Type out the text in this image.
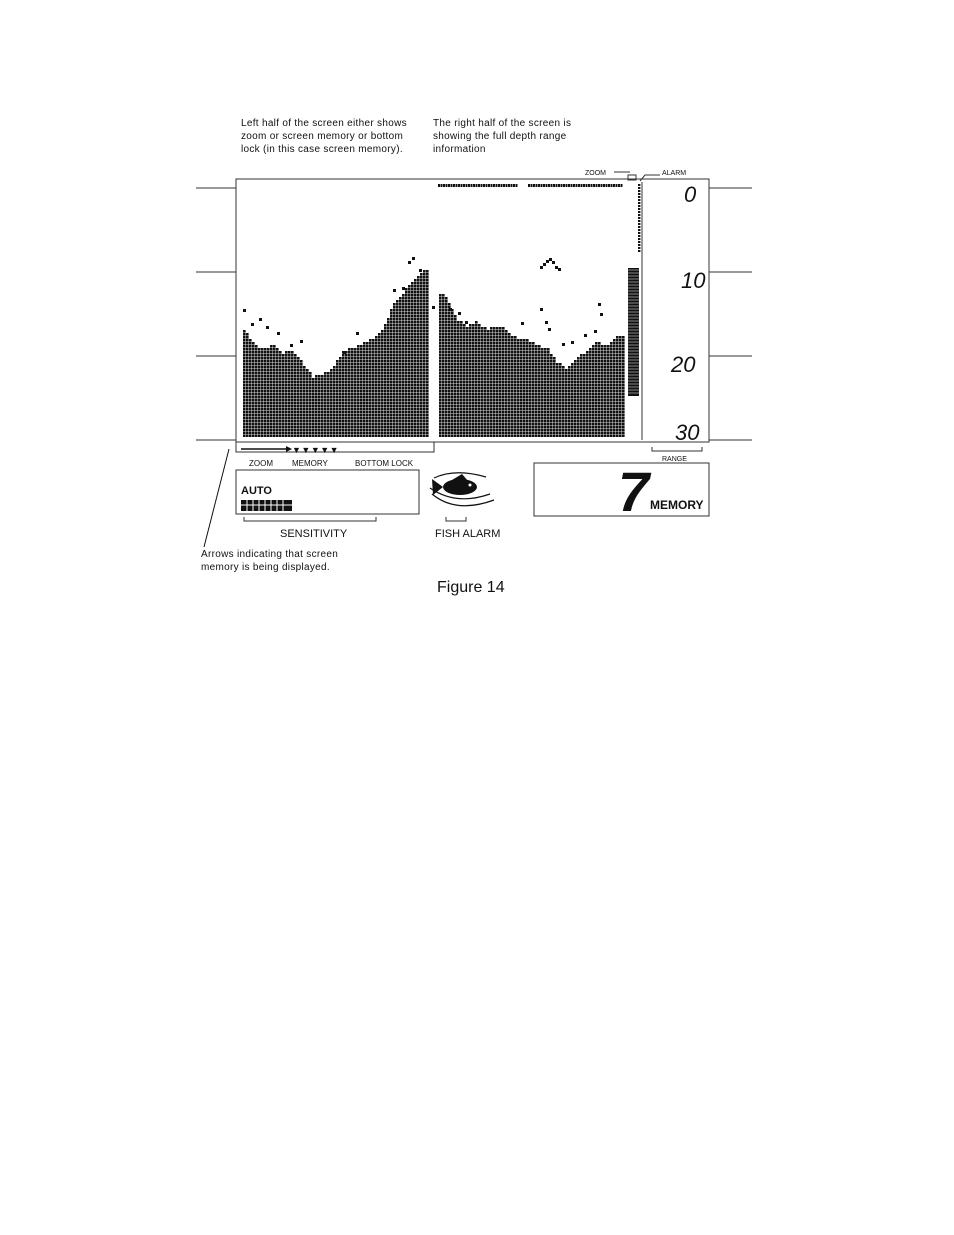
Left half of the screen either shows zoom or screen memory or bottom lock (in this case screen memory).
The right half of the screen is showing the full depth range information
Arrows indicating that screen memory is being displayed.
ZOOM	ALARM
0
10
20
30
RANGE
▼▼▼▼▼
ZOOM MEMORY	BOTTOM LOCK
AUTO
SENSITIVITY	FISH ALARM
7 MEMORY
Figure 14
